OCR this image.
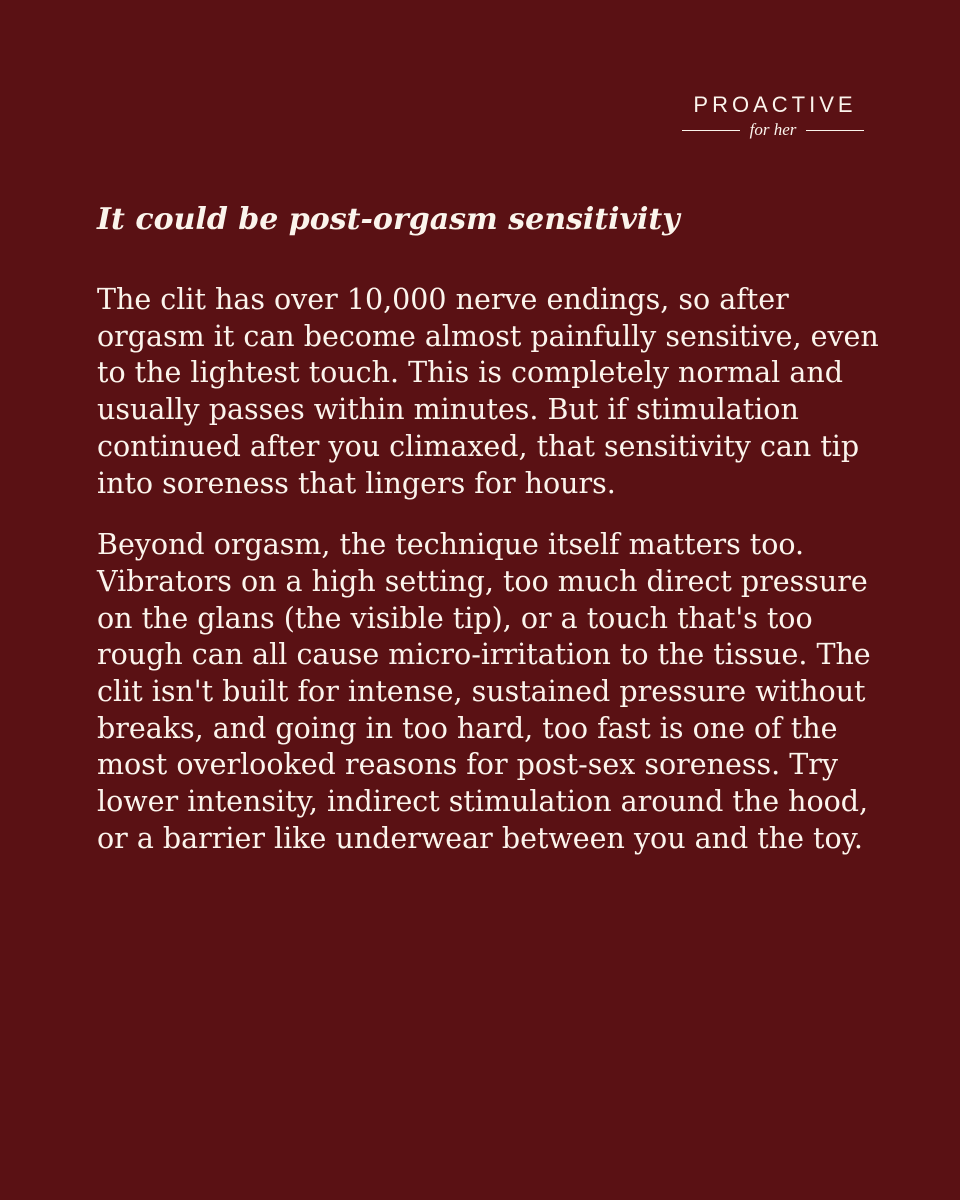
PROACTIVE
for her
It could be post-orgasm sensitivity

The clit has over 10,000 nerve endings, so after orgasm it can become almost painfully sensitive, even to the lightest touch. This is completely normal and usually passes within minutes. But if stimulation continued after you climaxed, that sensitivity can tip into soreness that lingers for hours.

Beyond orgasm, the technique itself matters too. Vibrators on a high setting, too much direct pressure on the glans (the visible tip), or a touch that's too rough can all cause micro-irritation to the tissue. The clit isn't built for intense, sustained pressure without breaks, and going in too hard, too fast is one of the most overlooked reasons for post-sex soreness. Try lower intensity, indirect stimulation around the hood, or a barrier like underwear between you and the toy.
